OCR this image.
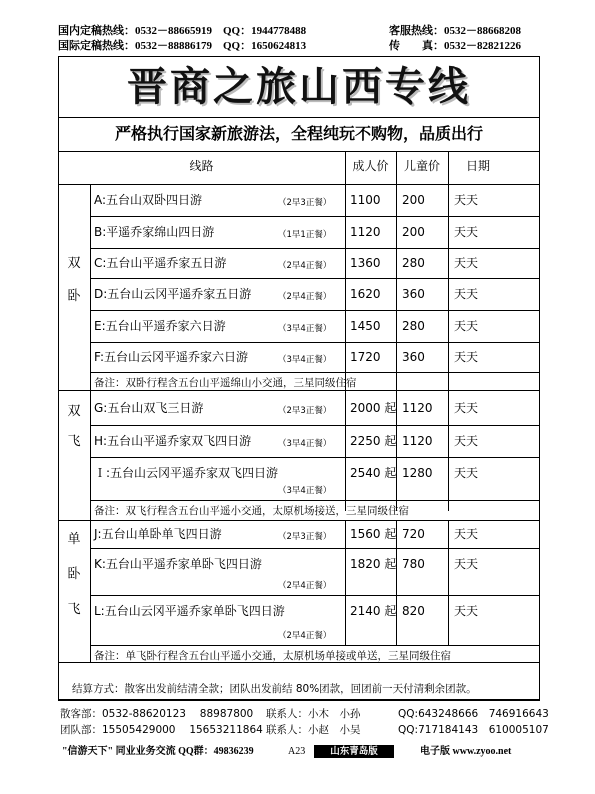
国内定稿热线：0532－88665919　QQ：1944778488
国际定稿热线：0532－88886179　QQ：1650624813
客服热线：0532－88668208
传　　真：0532－82821226
晋商之旅山西专线
严格执行国家新旅游法，全程纯玩不购物，品质出行
线路	成人价	儿童价	日期
双
卧
A:五台山双卧四日游	（2早3正餐） 1100 200 天天
B:平遥乔家绵山四日游	（1早1正餐） 1120 200 天天
C:五台山平遥乔家五日游	（2早4正餐） 1360 280 天天
D:五台山云冈平遥乔家五日游	（2早4正餐） 1620 360 天天
E:五台山平遥乔家六日游	（3早4正餐） 1450 280 天天
F:五台山云冈平遥乔家六日游	（3早4正餐） 1720 360 天天
备注：双卧行程含五台山平遥绵山小交通，三星同级住宿
双
飞
G:五台山双飞三日游	（2早3正餐） 2000 起 1120 天天
H:五台山平遥乔家双飞四日游	（3早4正餐） 2250 起 1120 天天
Ｉ:五台山云冈平遥乔家双飞四日游
（3早4正餐）
2540 起 1280 天天
备注：双飞行程含五台山平遥小交通，太原机场接送，三星同级住宿
单
卧
飞
J:五台山单卧单飞四日游	（2早3正餐） 1560 起 720 天天
K:五台山平遥乔家单卧飞四日游
（2早4正餐）
1820 起 780 天天
L:五台山云冈平遥乔家单卧飞四日游
（2早4正餐）
2140 起 820 天天
备注：单飞卧行程含五台山平遥小交通，太原机场单接或单送，三星同级住宿
结算方式：散客出发前结清全款；团队出发前结 80%团款，回团前一天付清剩余团款。
散客部：0532-88620123　 88987800 联系人：小木　小孙	QQ:643248666　746916643
团队部：15505429000　 15653211864 联系人：小赵　小吴	QQ:717184143　610005107
"信游天下" 同业业务交流 QQ群：49836239	A23	山东青岛版	电子版 www.zyoo.net
